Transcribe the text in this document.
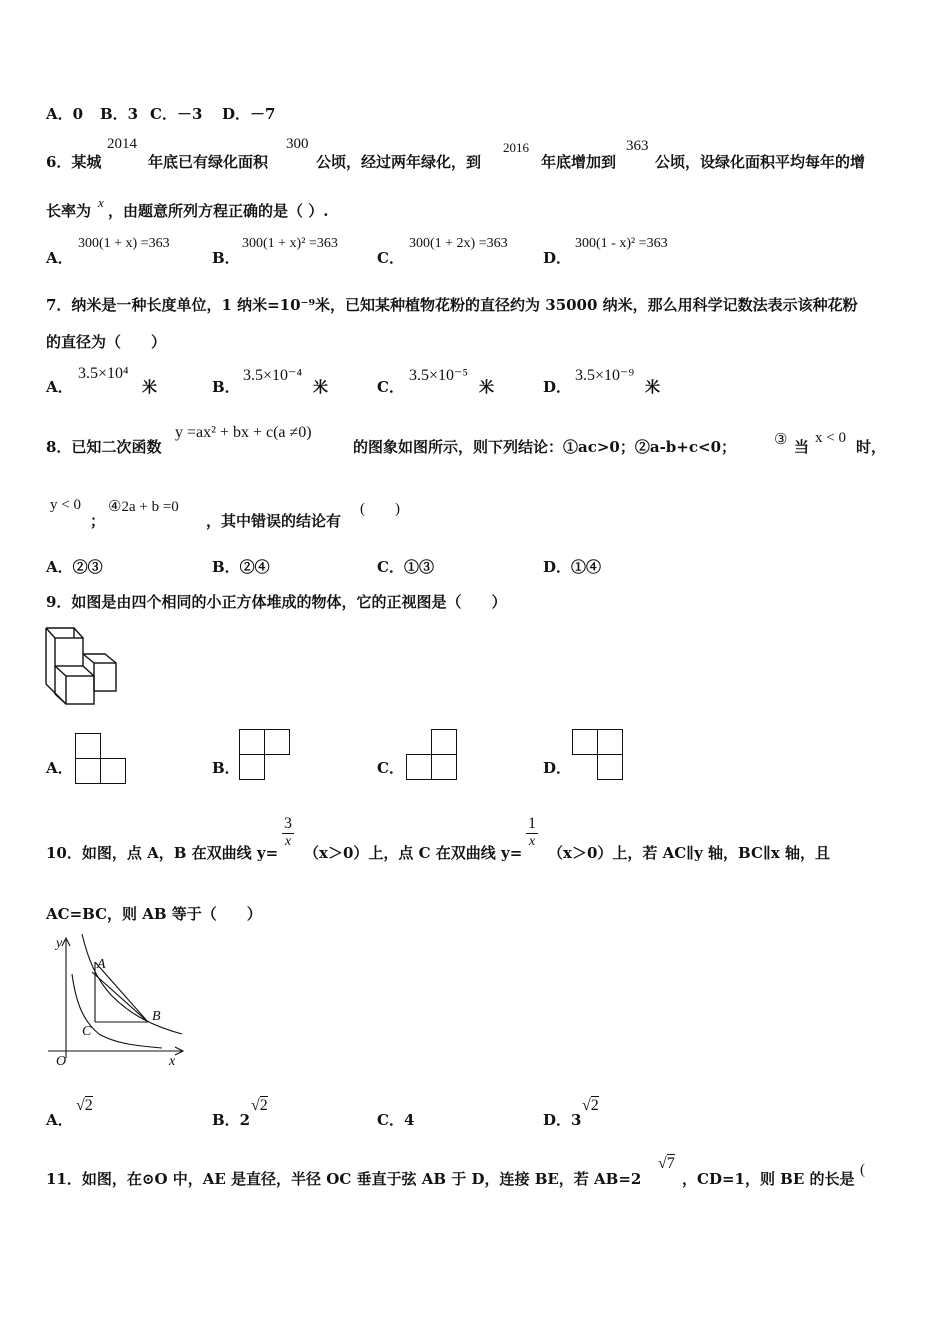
A．0 B．3 C．－3 D．－7
6．某城
2014
年底已有绿化面积
300
公顷，经过两年绿化，到
2016
年底增加到
363
公顷，设绿化面积平均每年的增
长率为 x ，由题意所列方程正确的是（ ）.
A．
300(1 + x) =363
B．
300(1 + x)² =363
C．
300(1 + 2x) =363
D．
300(1 - x)² =363
7．纳米是一种长度单位，1 纳米=10⁻⁹米，已知某种植物花粉的直径约为 35000 纳米，那么用科学记数法表示该种花粉
的直径为（　　）
A．
3.5×10⁴
米	B．
3.5×10⁻⁴
米	C．
3.5×10⁻⁵
米	D．
3.5×10⁻⁹
米
8．已知二次函数
y =ax² + bx + c(a ≠0)
的图象如图所示，则下列结论：①ac>0；②a-b+c<0；	③ 当 x < 0 时，
y < 0
；
④2a + b =0
，其中错误的结论有
(　　)
A．②③	B．②④	C．①③	D．①④
9．如图是由四个相同的小正方体堆成的物体，它的正视图是（　　）
A．	B．	C．	D．
10．如图，点 A，B 在双曲线 y=
$\frac{3}{x}$
（x＞0）上，点 C 在双曲线 y=
$\frac{1}{x}$
（x＞0）上，若 AC∥y 轴，BC∥x 轴，且
AC=BC，则 AB 等于（　　）
y
x
O
A
B
C
A．
√2
B．2
√2
C．4	D．3
√2
11．如图，在⊙O 中，AE 是直径，半径 OC 垂直于弦 AB 于 D，连接 BE，若 AB=2
√7
，CD=1，则 BE 的长是 (
